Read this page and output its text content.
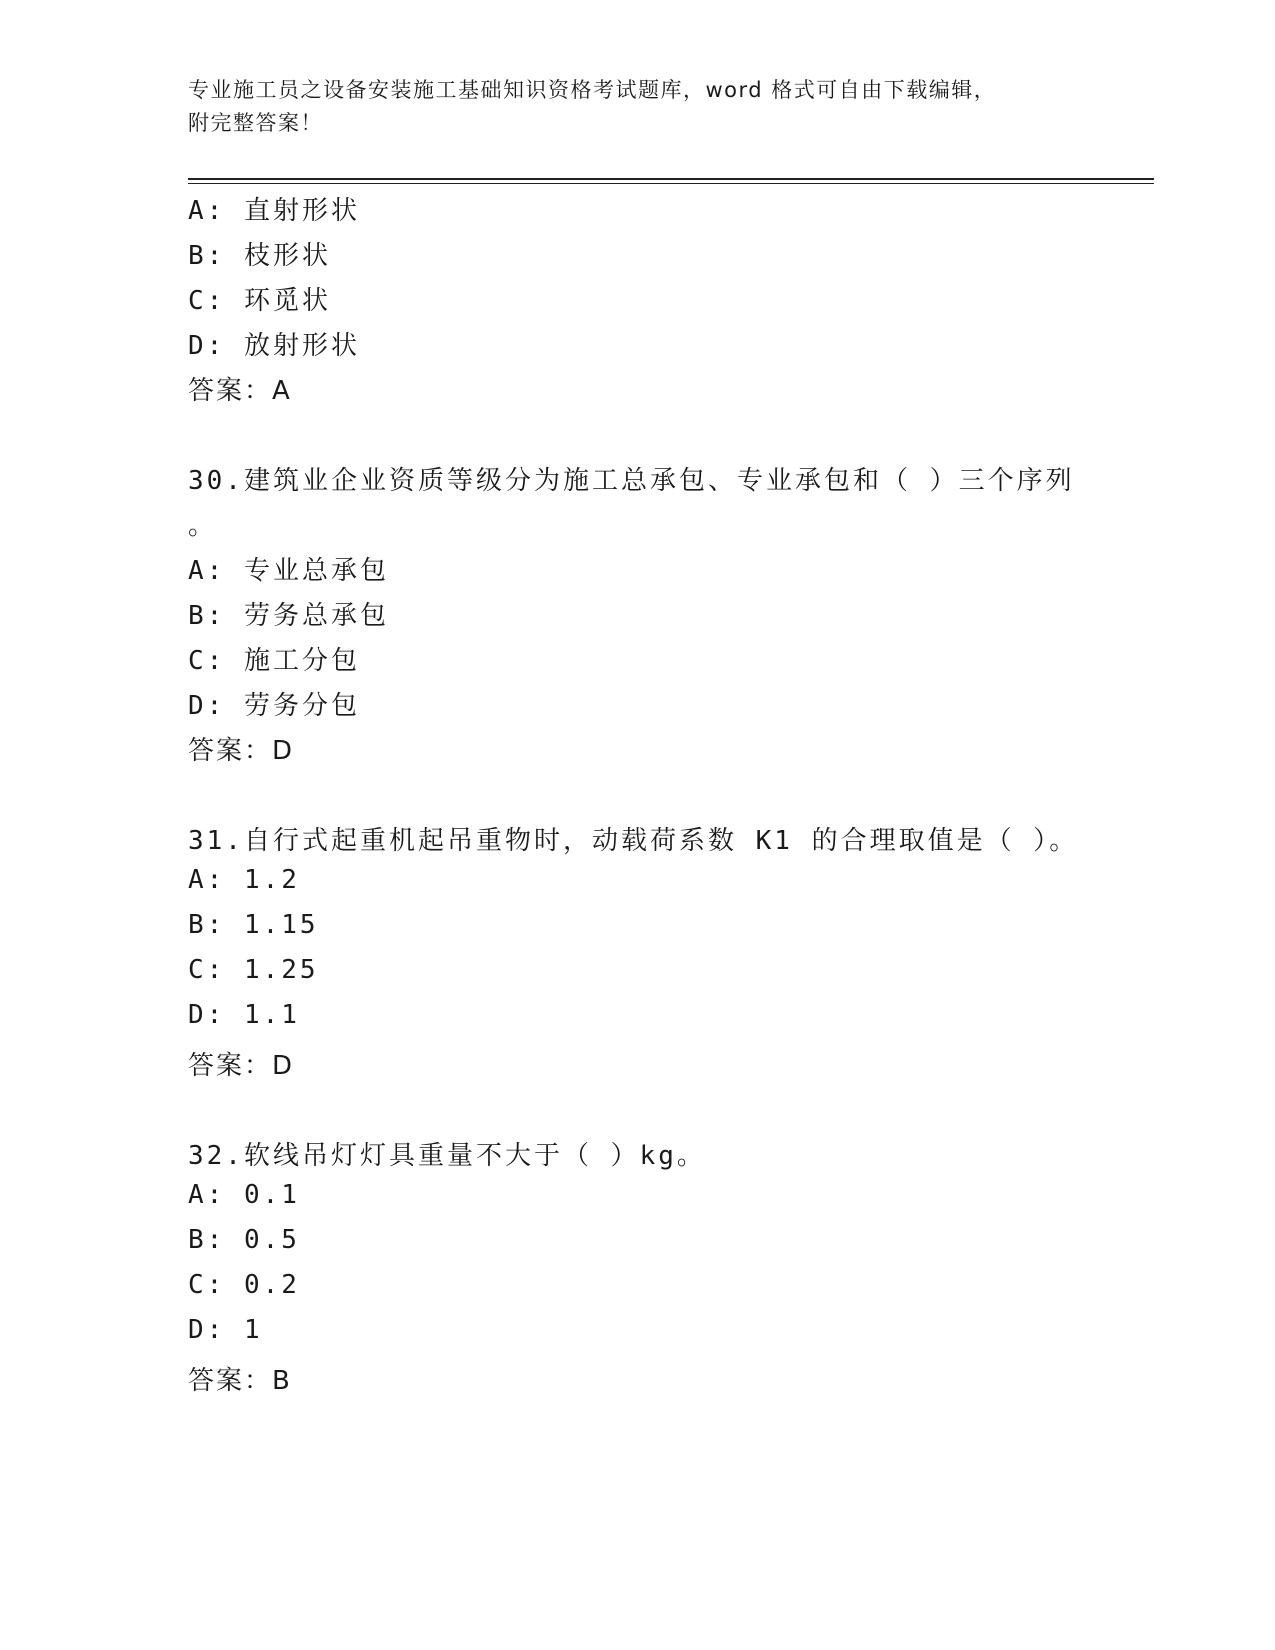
专业施工员之设备安装施工基础知识资格考试题库，word 格式可自由下载编辑，
附完整答案！
A: 直射形状
B: 枝形状
C: 环觅状
D: 放射形状
答案：A
30.建筑业企业资质等级分为施工总承包、专业承包和（ ）三个序列
。
A: 专业总承包
B: 劳务总承包
C: 施工分包
D: 劳务分包
答案：D
31.自行式起重机起吊重物时，动载荷系数 K1 的合理取值是（ ）。
A: 1.2
B: 1.15
C: 1.25
D: 1.1
答案：D
32.软线吊灯灯具重量不大于（ ）kg。
A: 0.1
B: 0.5
C: 0.2
D: 1
答案：B
